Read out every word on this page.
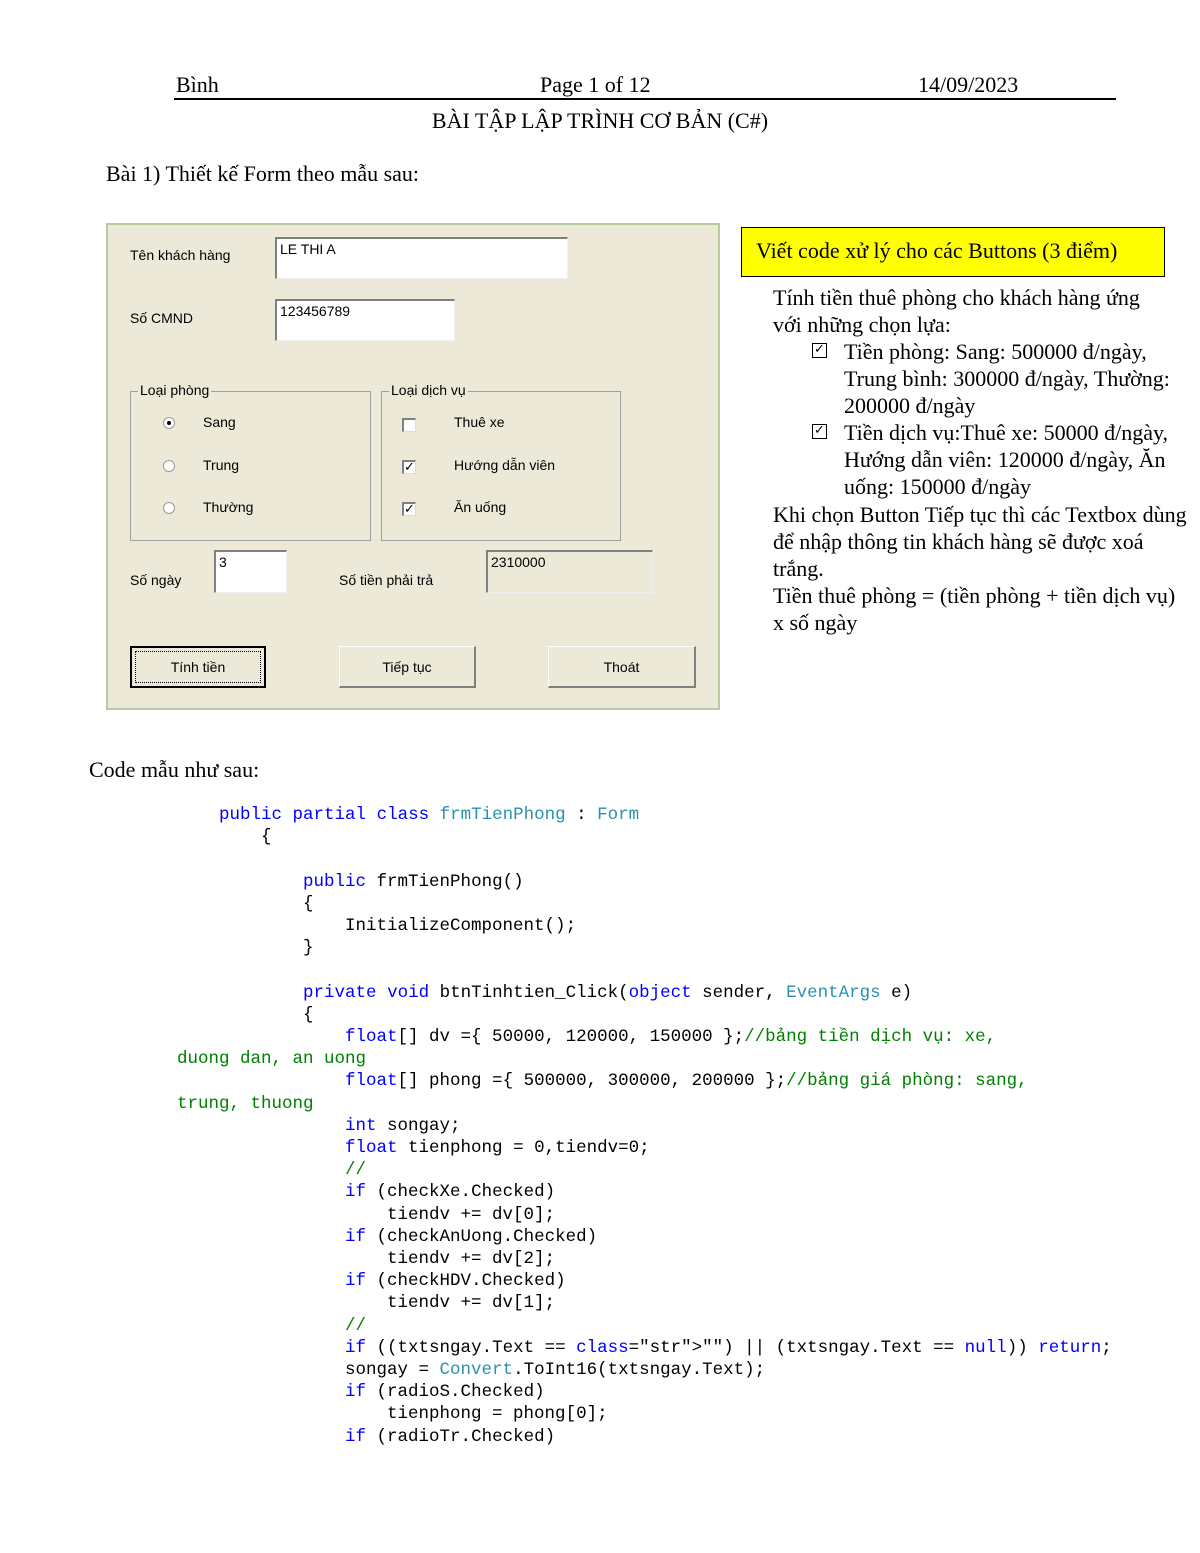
Bình	Page 1 of 12	14/09/2023
BÀI TẬP LẬP TRÌNH CƠ BẢN (C#)
Bài 1) Thiết kế Form theo mẫu sau:
Tên khách hàng	LE THI A
Số CMND	123456789
Loại phòng
Sang
Trung
Thường
Loại dịch vụ
Thuê xe
✓	Hướng dẫn viên
✓	Ăn uống
Số ngày
3
Số tiền phải trả
2310000
Tính tiền	Tiếp tục	Thoát
Viết code xử lý cho các Buttons (3 điểm)
Tính tiền thuê phòng cho khách hàng ứng với những chọn lựa:
✓ Tiền phòng: Sang: 500000 đ/ngày, Trung bình: 300000 đ/ngày, Thường: 200000 đ/ngày
✓ Tiền dịch vụ:Thuê xe: 50000 đ/ngày, Hướng dẫn viên: 120000 đ/ngày, Ăn uống: 150000 đ/ngày
Khi chọn Button Tiếp tục thì các Textbox dùng để nhập thông tin khách hàng sẽ được xoá trắng.
Tiền thuê phòng = (tiền phòng + tiền dịch vụ) x số ngày
Code mẫu như sau:
public partial class frmTienPhong : Form
{

public frmTienPhong()
{
InitializeComponent();
}

private void btnTinhtien_Click(object sender, EventArgs e)
{
float[] dv ={ 50000, 120000, 150000 };//bảng tiền dịch vụ: xe,
duong dan, an uong
float[] phong ={ 500000, 300000, 200000 };//bảng giá phòng: sang,
trung, thuong
int songay;
float tienphong = 0,tiendv=0;
//
if (checkXe.Checked)
tiendv += dv[0];
if (checkAnUong.Checked)
tiendv += dv[2];
if (checkHDV.Checked)
tiendv += dv[1];
//
if ((txtsngay.Text == class="str">"") || (txtsngay.Text == null)) return;
songay = Convert.ToInt16(txtsngay.Text);
if (radioS.Checked)
tienphong = phong[0];
if (radioTr.Checked)
